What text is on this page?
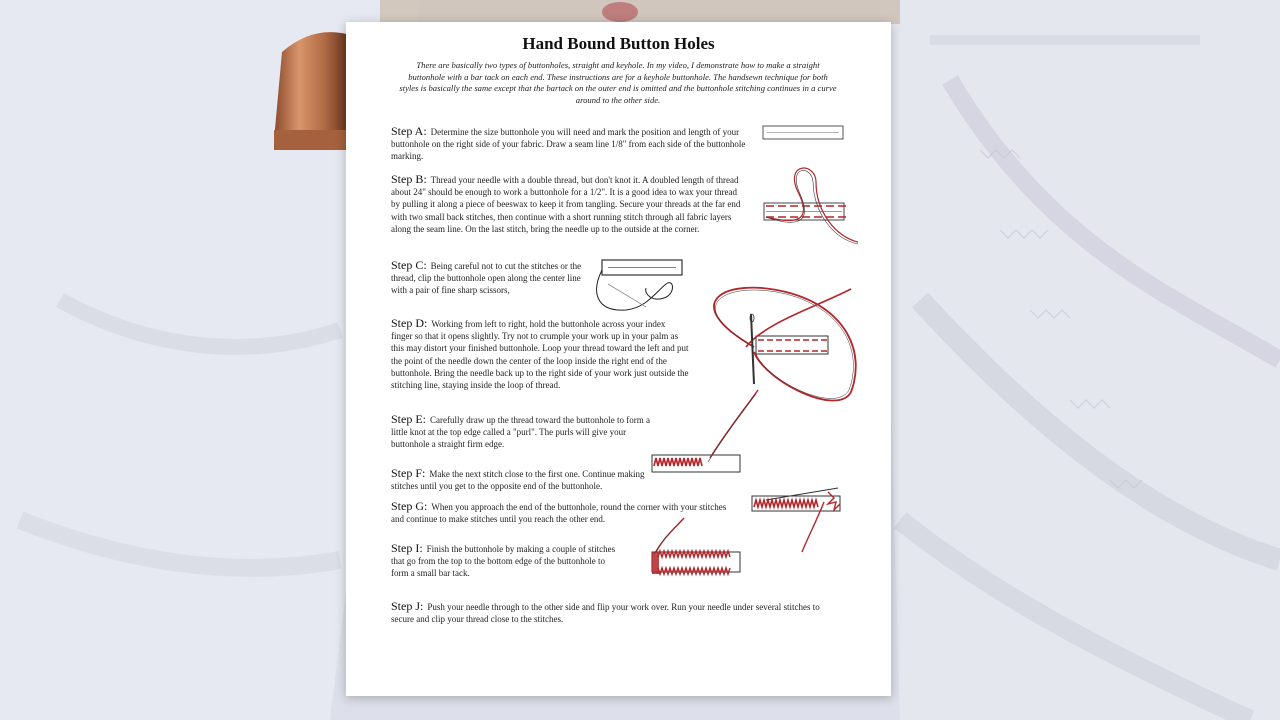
Hand Bound Button Holes
There are basically two types of buttonholes, straight and keyhole. In my video, I demonstrate how to make a straight buttonhole with a bar tack on each end. These instructions are for a keyhole buttonhole. The handsewn technique for both styles is basically the same except that the bartack on the outer end is omitted and the buttonhole stitching continues in a curve around to the other side.
Step A: Determine the size buttonhole you will need and mark the position and length of your buttonhole on the right side of your fabric. Draw a seam line 1/8" from each side of the buttonhole marking.
Step B: Thread your needle with a double thread, but don't knot it. A doubled length of thread about 24" should be enough to work a buttonhole for a 1/2". It is a good idea to wax your thread by pulling it along a piece of beeswax to keep it from tangling. Secure your threads at the far end with two small back stitches, then continue with a short running stitch through all fabric layers along the seam line. On the last stitch, bring the needle up to the outside at the corner.
Step C: Being careful not to cut the stitches or the thread, clip the buttonhole open along the center line with a pair of fine sharp scissors,
Step D: Working from left to right, hold the buttonhole across your index finger so that it opens slightly. Try not to crumple your work up in your palm as this may distort your finished buttonhole. Loop your thread toward the left and put the point of the needle down the center of the loop inside the right end of the buttonhole. Bring the needle back up to the right side of your work just outside the stitching line, staying inside the loop of thread.
Step E: Carefully draw up the thread toward the buttonhole to form a little knot at the top edge called a "purl". The purls will give your buttonhole a straight firm edge.
Step F: Make the next stitch close to the first one. Continue making stitches until you get to the opposite end of the buttonhole.
Step G: When you approach the end of the buttonhole, round the corner with your stitches and continue to make stitches until you reach the other end.
Step I: Finish the buttonhole by making a couple of stitches that go from the top to the bottom edge of the buttonhole to form a small bar tack.
Step J: Push your needle through to the other side and flip your work over. Run your needle under several stitches to secure and clip your thread close to the stitches.
